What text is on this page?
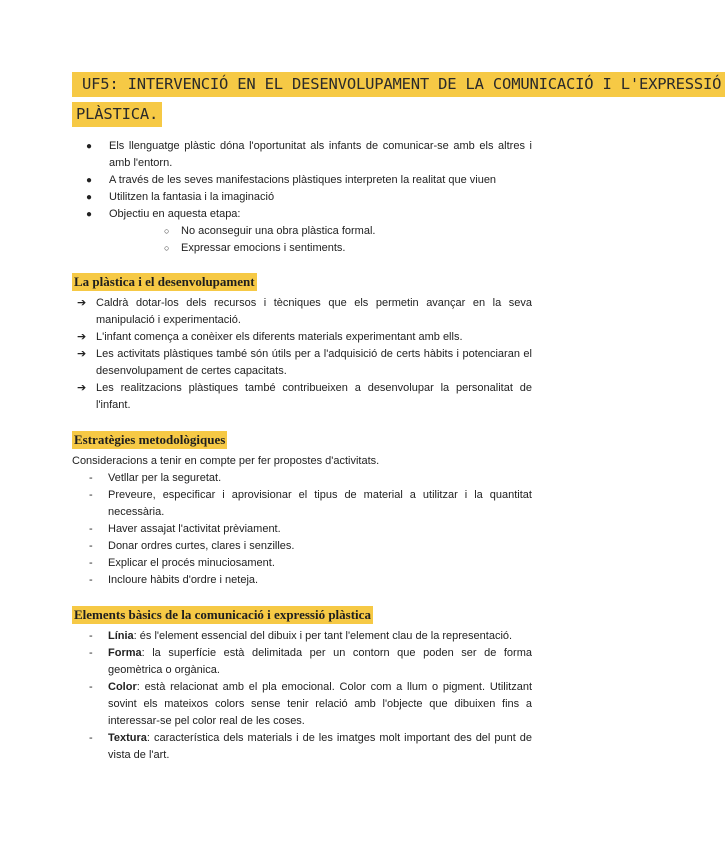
UF5: INTERVENCIÓ EN EL DESENVOLUPAMENT DE LA COMUNICACIÓ I L'EXPRESSIÓ
PLÀSTICA.
● Els llenguatge plàstic dóna l'oportunitat als infants de comunicar-se amb els altres i amb l'entorn.
● A través de les seves manifestacions plàstiques interpreten la realitat que viuen
● Utilitzen la fantasia i la imaginació
● Objectiu en aquesta etapa:
○ No aconseguir una obra plàstica formal.
○ Expressar emocions i sentiments.
La plàstica i el desenvolupament
➔ Caldrà dotar-los dels recursos i tècniques que els permetin avançar en la seva manipulació i experimentació.
➔ L'infant comença a conèixer els diferents materials experimentant amb ells.
➔ Les activitats plàstiques també són útils per a l'adquisició de certs hàbits i potenciaran el desenvolupament de certes capacitats.
➔ Les realitzacions plàstiques també contribueixen a desenvolupar la personalitat de l'infant.
Estratègies metodològiques

Consideracions a tenir en compte per fer propostes d'activitats.

- Vetllar per la seguretat.
- Preveure, especificar i aprovisionar el tipus de material a utilitzar i la quantitat necessària.
- Haver assajat l'activitat prèviament.
- Donar ordres curtes, clares i senzilles.
- Explicar el procés minuciosament.
- Incloure hàbits d'ordre i neteja.
Elements bàsics de la comunicació i expressió plàstica
- Línia: és l'element essencial del dibuix i per tant l'element clau de la representació.
- Forma: la superfície està delimitada per un contorn que poden ser de forma geomètrica o orgànica.
- Color: està relacionat amb el pla emocional. Color com a llum o pigment. Utilitzant sovint els mateixos colors sense tenir relació amb l'objecte que dibuixen fins a interessar-se pel color real de les coses.
- Textura: característica dels materials i de les imatges molt important des del punt de vista de l'art.
